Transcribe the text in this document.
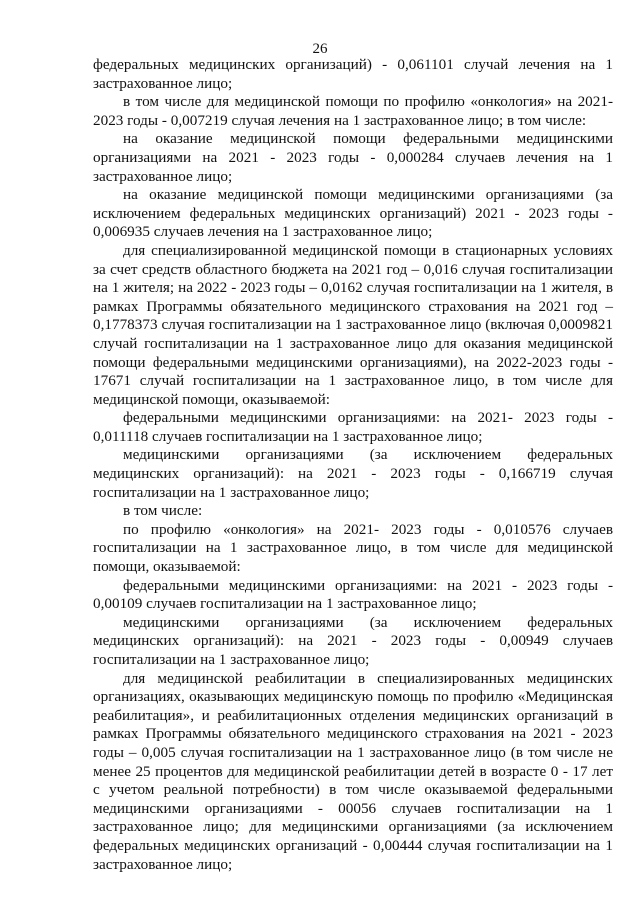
26

федеральных медицинских организаций) - 0,061101 случай лечения на 1 застрахованное лицо;

в том числе для медицинской помощи по профилю «онкология» на 2021-2023 годы - 0,007219 случая лечения на 1 застрахованное лицо; в том числе:

на оказание медицинской помощи федеральными медицинскими организациями на 2021 - 2023 годы - 0,000284 случаев лечения на 1 застрахованное лицо;

на оказание медицинской помощи медицинскими организациями (за исключением федеральных медицинских организаций) 2021 - 2023 годы - 0,006935 случаев лечения на 1 застрахованное лицо;

для специализированной медицинской помощи в стационарных условиях за счет средств областного бюджета на 2021 год – 0,016 случая госпитализации на 1 жителя; на 2022 - 2023 годы – 0,0162 случая госпитализации на 1 жителя, в рамках Программы обязательного медицинского страхования на 2021 год – 0,1778373 случая госпитализации на 1 застрахованное лицо (включая 0,0009821 случай госпитализации на 1 застрахованное лицо для оказания медицинской помощи федеральными медицинскими организациями), на 2022-2023 годы - 17671 случай госпитализации на 1 застрахованное лицо, в том числе для медицинской помощи, оказываемой:

федеральными медицинскими организациями: на 2021- 2023 годы - 0,011118 случаев госпитализации на 1 застрахованное лицо;

медицинскими организациями (за исключением федеральных медицинских организаций): на 2021 - 2023 годы - 0,166719 случая госпитализации на 1 застрахованное лицо;

в том числе:

по профилю «онкология» на 2021- 2023 годы - 0,010576 случаев госпитализации на 1 застрахованное лицо, в том числе для медицинской помощи, оказываемой:

федеральными медицинскими организациями: на 2021 - 2023 годы - 0,00109 случаев госпитализации на 1 застрахованное лицо;

медицинскими организациями (за исключением федеральных медицинских организаций): на 2021 - 2023 годы - 0,00949 случаев госпитализации на 1 застрахованное лицо;

для медицинской реабилитации в специализированных медицинских организациях, оказывающих медицинскую помощь по профилю «Медицинская реабилитация», и реабилитационных отделения медицинских организаций в рамках Программы обязательного медицинского страхования на 2021 - 2023 годы – 0,005 случая госпитализации на 1 застрахованное лицо (в том числе не менее 25 процентов для медицинской реабилитации детей в возрасте 0 - 17 лет с учетом реальной потребности) в том числе оказываемой федеральными медицинскими организациями - 00056 случаев госпитализации на 1 застрахованное лицо; для медицинскими организациями (за исключением федеральных медицинских организаций - 0,00444 случая госпитализации на 1 застрахованное лицо;
